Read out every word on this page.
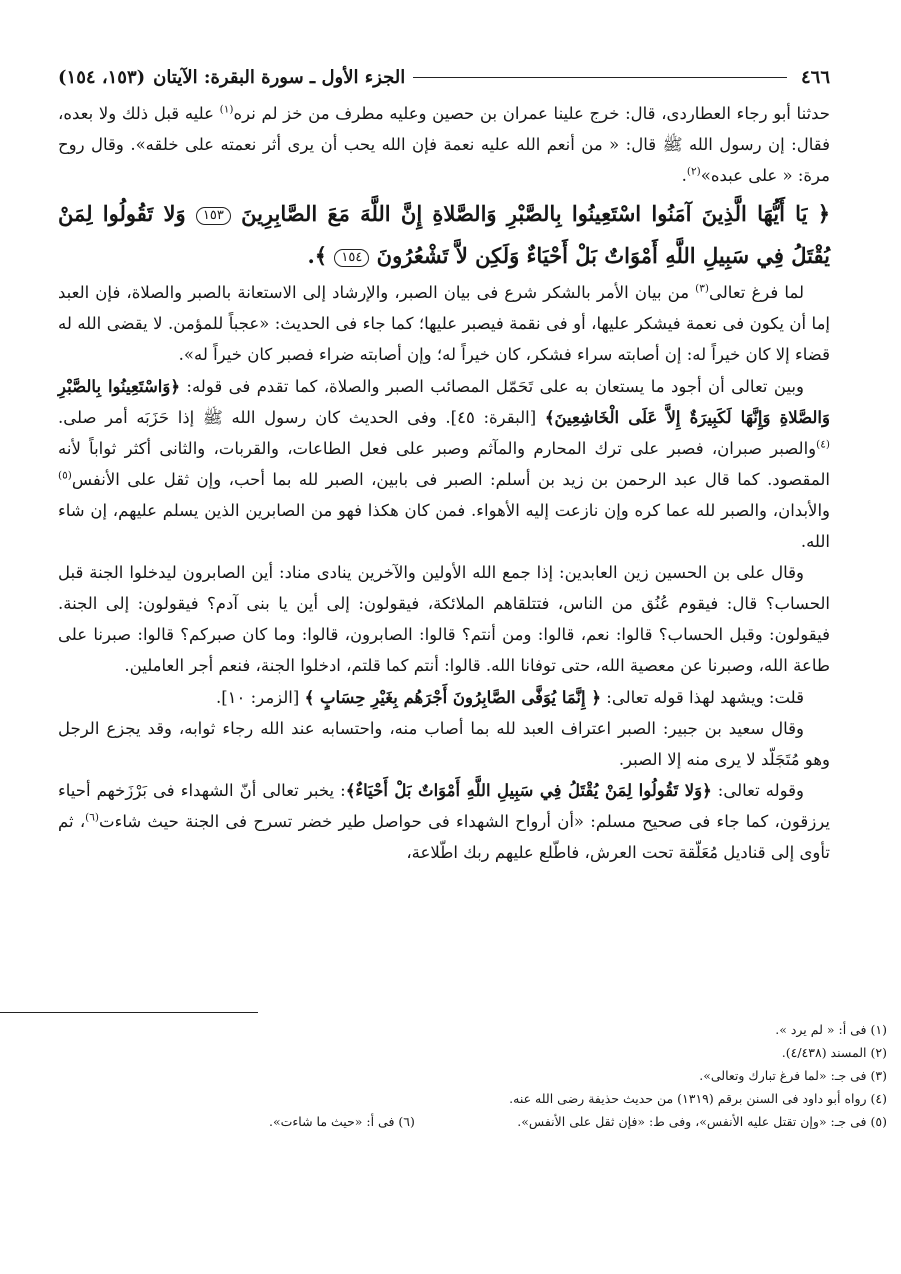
٤٦٦
الجزء الأول ـ سورة البقرة: الآيتان
(١٥٣، ١٥٤)

حدثنا أبو رجاء العطاردى، قال: خرج علينا عمران بن حصين وعليه مطرف من خز لم نره$^{(١)}$ عليه قبل ذلك ولا بعده، فقال: إن رسول الله ﷺ قال: « من أنعم الله عليه نعمة فإن الله يحب أن يرى أثر نعمته على خلقه». وقال روح مرة: « على عبده»$^{(٢)}$.

﴿ يَا أَيُّهَا الَّذِينَ آمَنُوا اسْتَعِينُوا بِالصَّبْرِ وَالصَّلاةِ إِنَّ اللَّهَ مَعَ الصَّابِرِينَ ١٥٣ وَلا تَقُولُوا لِمَنْ يُقْتَلُ فِي سَبِيلِ اللَّهِ أَمْوَاتٌ بَلْ أَحْيَاءٌ وَلَكِن لاَّ تَشْعُرُونَ ١٥٤ ﴾.

لما فرغ تعالى$^{(٣)}$ من بيان الأمر بالشكر شرع فى بيان الصبر، والإرشاد إلى الاستعانة بالصبر والصلاة، فإن العبد إما أن يكون فى نعمة فيشكر عليها، أو فى نقمة فيصبر عليها؛ كما جاء فى الحديث: «عجباً للمؤمن. لا يقضى الله له قضاء إلا كان خيراً له: إن أصابته سراء فشكر، كان خيراً له؛ وإن أصابته ضراء فصبر كان خيراً له».

وبين تعالى أن أجود ما يستعان به على تَحَمّل المصائب الصبر والصلاة، كما تقدم فى قوله: ﴿وَاسْتَعِينُوا بِالصَّبْرِ وَالصَّلاةِ وَإِنَّهَا لَكَبِيرَةٌ إِلاَّ عَلَى الْخَاشِعِينَ﴾ [البقرة: ٤٥]. وفى الحديث كان رسول الله ﷺ إذا حَزَبَه أمر صلى.$^{(٤)}$والصبر صبران، فصبر على ترك المحارم والمآثم وصبر على فعل الطاعات، والقربات، والثانى أكثر ثواباً لأنه المقصود. كما قال عبد الرحمن بن زيد بن أسلم: الصبر فى بابين، الصبر لله بما أحب، وإن ثقل على الأنفس$^{(٥)}$ والأبدان، والصبر لله عما كره وإن نازعت إليه الأهواء. فمن كان هكذا فهو من الصابرين الذين يسلم عليهم، إن شاء الله.

وقال على بن الحسين زين العابدين: إذا جمع الله الأولين والآخرين ينادى مناد: أين الصابرون ليدخلوا الجنة قبل الحساب؟ قال: فيقوم عُنُق من الناس، فتتلقاهم الملائكة، فيقولون: إلى أين يا بنى آدم؟ فيقولون: إلى الجنة. فيقولون: وقبل الحساب؟ قالوا: نعم، قالوا: ومن أنتم؟ قالوا: الصابرون، قالوا: وما كان صبركم؟ قالوا: صبرنا على طاعة الله، وصبرنا عن معصية الله، حتى توفانا الله. قالوا: أنتم كما قلتم، ادخلوا الجنة، فنعم أجر العاملين.

قلت: ويشهد لهذا قوله تعالى: ﴿ إِنَّمَا يُوَفَّى الصَّابِرُونَ أَجْرَهُم بِغَيْرِ حِسَابٍ ﴾ [الزمر: ١٠].

وقال سعيد بن جبير: الصبر اعتراف العبد لله بما أصاب منه، واحتسابه عند الله رجاء ثوابه، وقد يجزع الرجل وهو مُتَجَلّد لا يرى منه إلا الصبر.

وقوله تعالى: ﴿وَلا تَقُولُوا لِمَنْ يُقْتَلُ فِي سَبِيلِ اللَّهِ أَمْوَاتٌ بَلْ أَحْيَاءٌ﴾: يخبر تعالى أنّ الشهداء فى بَرْزَخهم أحياء يرزقون، كما جاء فى صحيح مسلم: «أن أرواح الشهداء فى حواصل طير خضر تسرح فى الجنة حيث شاءت$^{(٦)}$، ثم تأوى إلى قناديل مُعَلّقة تحت العرش، فاطّلع عليهم ربك اطّلاعة،

(١) فى أ: « لم يرد ».

(٢) المسند (٤/٤٣٨).

(٣) فى جـ: «لما فرغ تبارك وتعالى».

(٤) رواه أبو داود فى السنن برقم (١٣١٩) من حديث حذيفة رضى الله عنه.

(٥) فى جـ: «وإن تقتل عليه الأنفس»، وفى ط: «فإن ثقل على الأنفس».
(٦) فى أ: «حيث ما شاءت».
